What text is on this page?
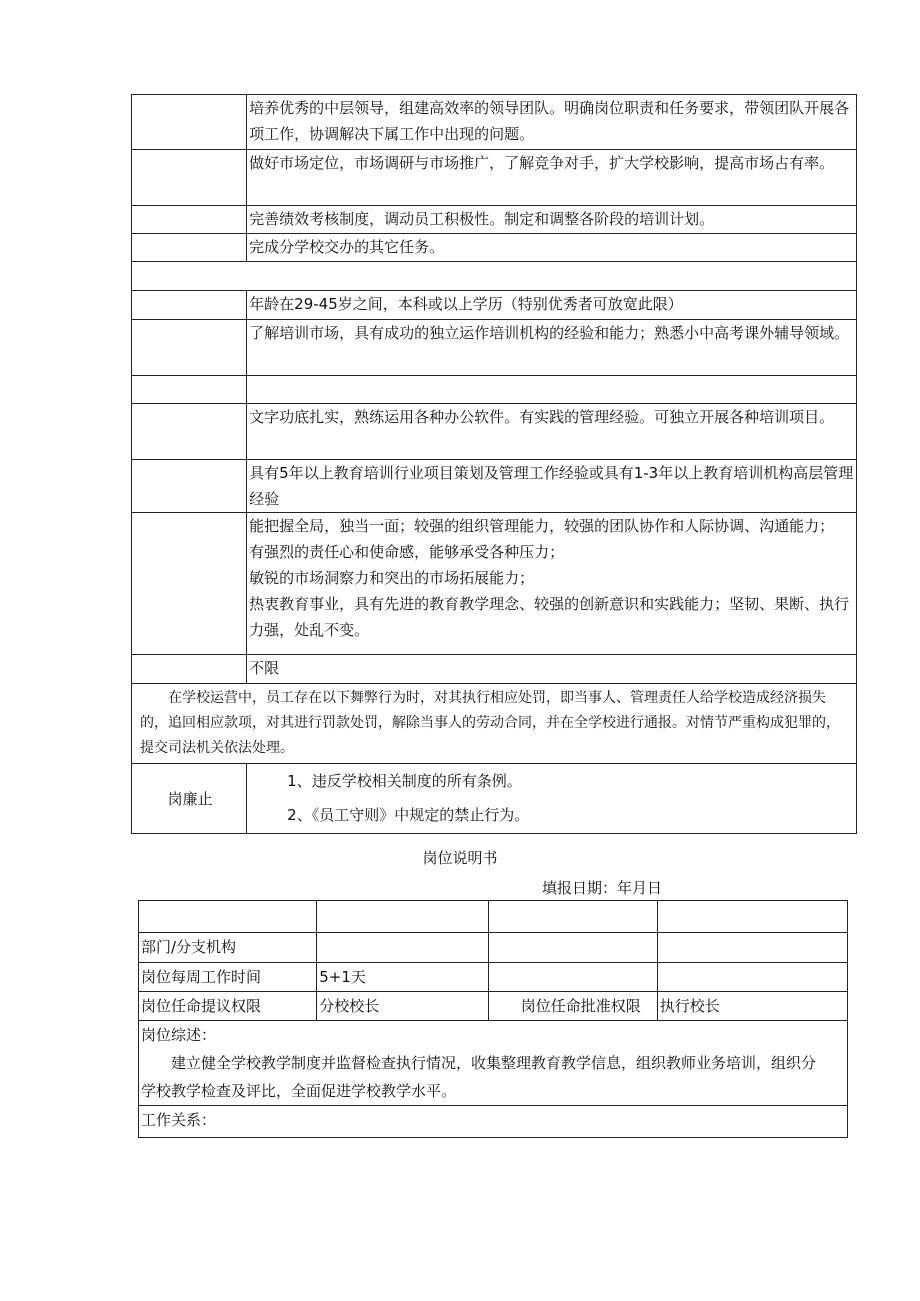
	培养优秀的中层领导，组建高效率的领导团队。明确岗位职责和任务要求，带领团队开展各项工作，协调解决下属工作中出现的问题。
	做好市场定位，市场调研与市场推广，了解竞争对手，扩大学校影响，提高市场占有率。
	完善绩效考核制度，调动员工积极性。制定和调整各阶段的培训计划。
	完成分学校交办的其它任务。

	年龄在29-45岁之间，本科或以上学历（特别优秀者可放宽此限）
	了解培训市场，具有成功的独立运作培训机构的经验和能力；熟悉小中高考课外辅导领域。

	文字功底扎实，熟练运用各种办公软件。有实践的管理经验。可独立开展各种培训项目。
	具有5年以上教育培训行业项目策划及管理工作经验或具有1-3年以上教育培训机构高层管理经验

	能把握全局，独当一面；较强的组织管理能力，较强的团队协作和人际协调、沟通能力；
有强烈的责任心和使命感，能够承受各种压力；
敏锐的市场洞察力和突出的市场拓展能力；
热衷教育事业，具有先进的教育教学理念、较强的创新意识和实践能力；坚韧、果断、执行力强，处乱不变。

	不限
在学校运营中，员工存在以下舞弊行为时，对其执行相应处罚，即当事人、管理责任人给学校造成经济损失的，追回相应款项，对其进行罚款处罚，解除当事人的劳动合同，并在全学校进行通报。对情节严重构成犯罪的，提交司法机关依法处理。	
岗廉止	1、违反学校相关制度的所有条例。
2、《员工守则》中规定的禁止行为。
岗位说明书
填报日期：年月日

部门/分支机构			
岗位每周工作时间	5+1天		
岗位任命提议权限	分校校长	岗位任命批准权限	执行校长

岗位综述：
建立健全学校教学制度并监督检查执行情况，收集整理教育教学信息，组织教师业务培训，组织分学校教学检查及评比，全面促进学校教学水平。			

工作关系：			
